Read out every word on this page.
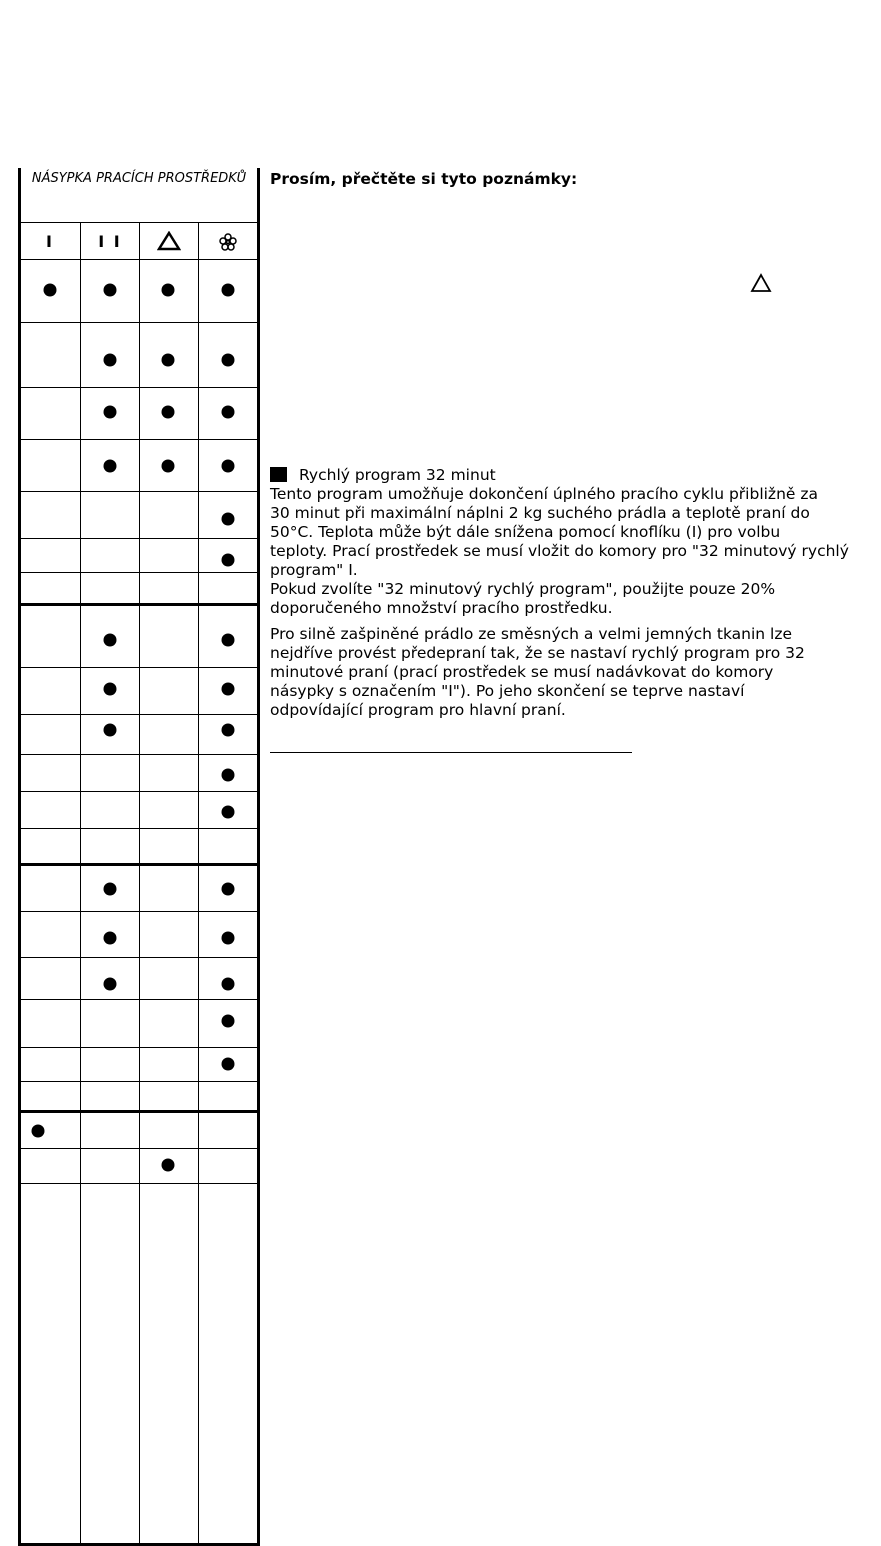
NÁSYPKA PRACÍCH PROSTŘEDKŮ
I	I I
Prosím, přečtěte si tyto poznámky:
Rychlý program 32 minut
Tento program umožňuje dokončení úplného pracího cyklu přibližně za
30 minut při maximální náplni 2 kg suchého prádla a teplotě praní do
50°C. Teplota může být dále snížena pomocí knoflíku (I) pro volbu
teploty. Prací prostředek se musí vložit do komory pro "32 minutový rychlý
program" I.
Pokud zvolíte "32 minutový rychlý program", použijte pouze 20%
doporučeného množství pracího prostředku.
Pro silně zašpiněné prádlo ze směsných a velmi jemných tkanin lze
nejdříve provést předepraní tak, že se nastaví rychlý program pro 32
minutové praní (prací prostředek se musí nadávkovat do komory
násypky s označením "I"). Po jeho skončení se teprve nastaví
odpovídající program pro hlavní praní.
